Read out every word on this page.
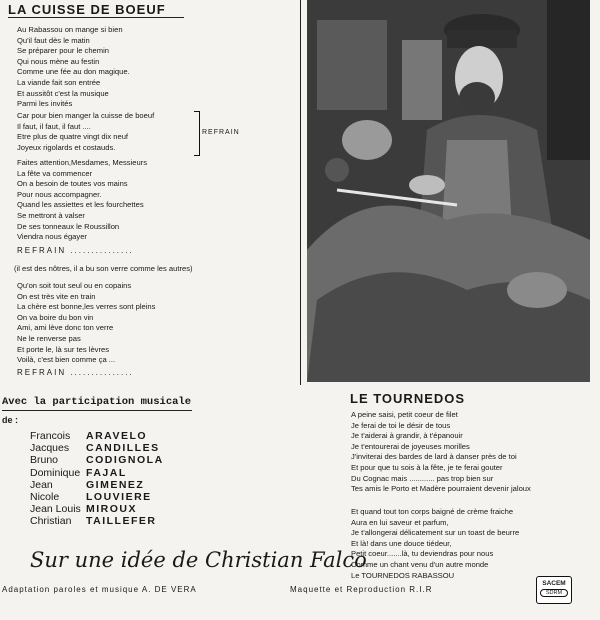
LA CUISSE DE BOEUF
Au Rabassou on mange si bien
Qu'il faut dès le matin
Se préparer pour le chemin
Qui nous mène au festin
Comme une fée au don magique.
La viande fait son entrée
Et aussitôt c'est la musique
Parmi les invités
Car pour bien manger la cuisse de boeuf
Il faut, il faut, il faut ....
Etre plus de quatre vingt dix neuf
Joyeux rigolards et costauds.
REFRAIN
Faites attention,Mesdames, Messieurs
La fête va commencer
On a besoin de toutes vos mains
Pour nous accompagner.
Quand les assiettes et les fourchettes
Se mettront à valser
De ses tonneaux le Roussillon
Viendra nous égayer
REFRAIN ...............
(il est des nôtres, il a bu son verre comme les autres)
Qu'on soit tout seul ou en copains
On est très vite en train
La chère est bonne,les verres sont pleins
On va boire du bon vin
Ami, ami lève donc ton verre
Ne le renverse pas
Et porte le, là sur tes lèvres
Voilà, c'est bien comme ça ...
REFRAIN ...............
Avec la participation musicale
de :
Francois ARAVELO
Jacques CANDILLES
Bruno	CODIGNOLA
Dominique FAJAL
Jean	GIMENEZ
Nicole	LOUVIERE
Jean Louis MIROUX
Christian TAILLEFER
Sur une idée de Christian Falco
Adaptation paroles et musique A. DE VERA
LE TOURNEDOS
A peine saisi, petit coeur de filet
Je ferai de toi le désir de tous
Je t'aiderai à grandir, à t'épanouir
Je t'entourerai de joyeuses morilles
J'inviterai des bardes de lard à danser près de toi
Et pour que tu sois à la fête, je te ferai gouter
Du Cognac mais ............ pas trop bien sur
Tes amis le Porto et Madère pourraient devenir jaloux
Et quand tout ton corps baigné de crème fraiche
Aura en lui saveur et parfum,
Je t'allongerai délicatement sur un toast de beurre
Et là! dans une douce tiédeur,
Petit coeur.......là, tu deviendras pour nous
Comme un chant venu d'un autre monde
Le TOURNEDOS RABASSOU
Maquette et Reproduction R.I.R
SACEM
SDRM
